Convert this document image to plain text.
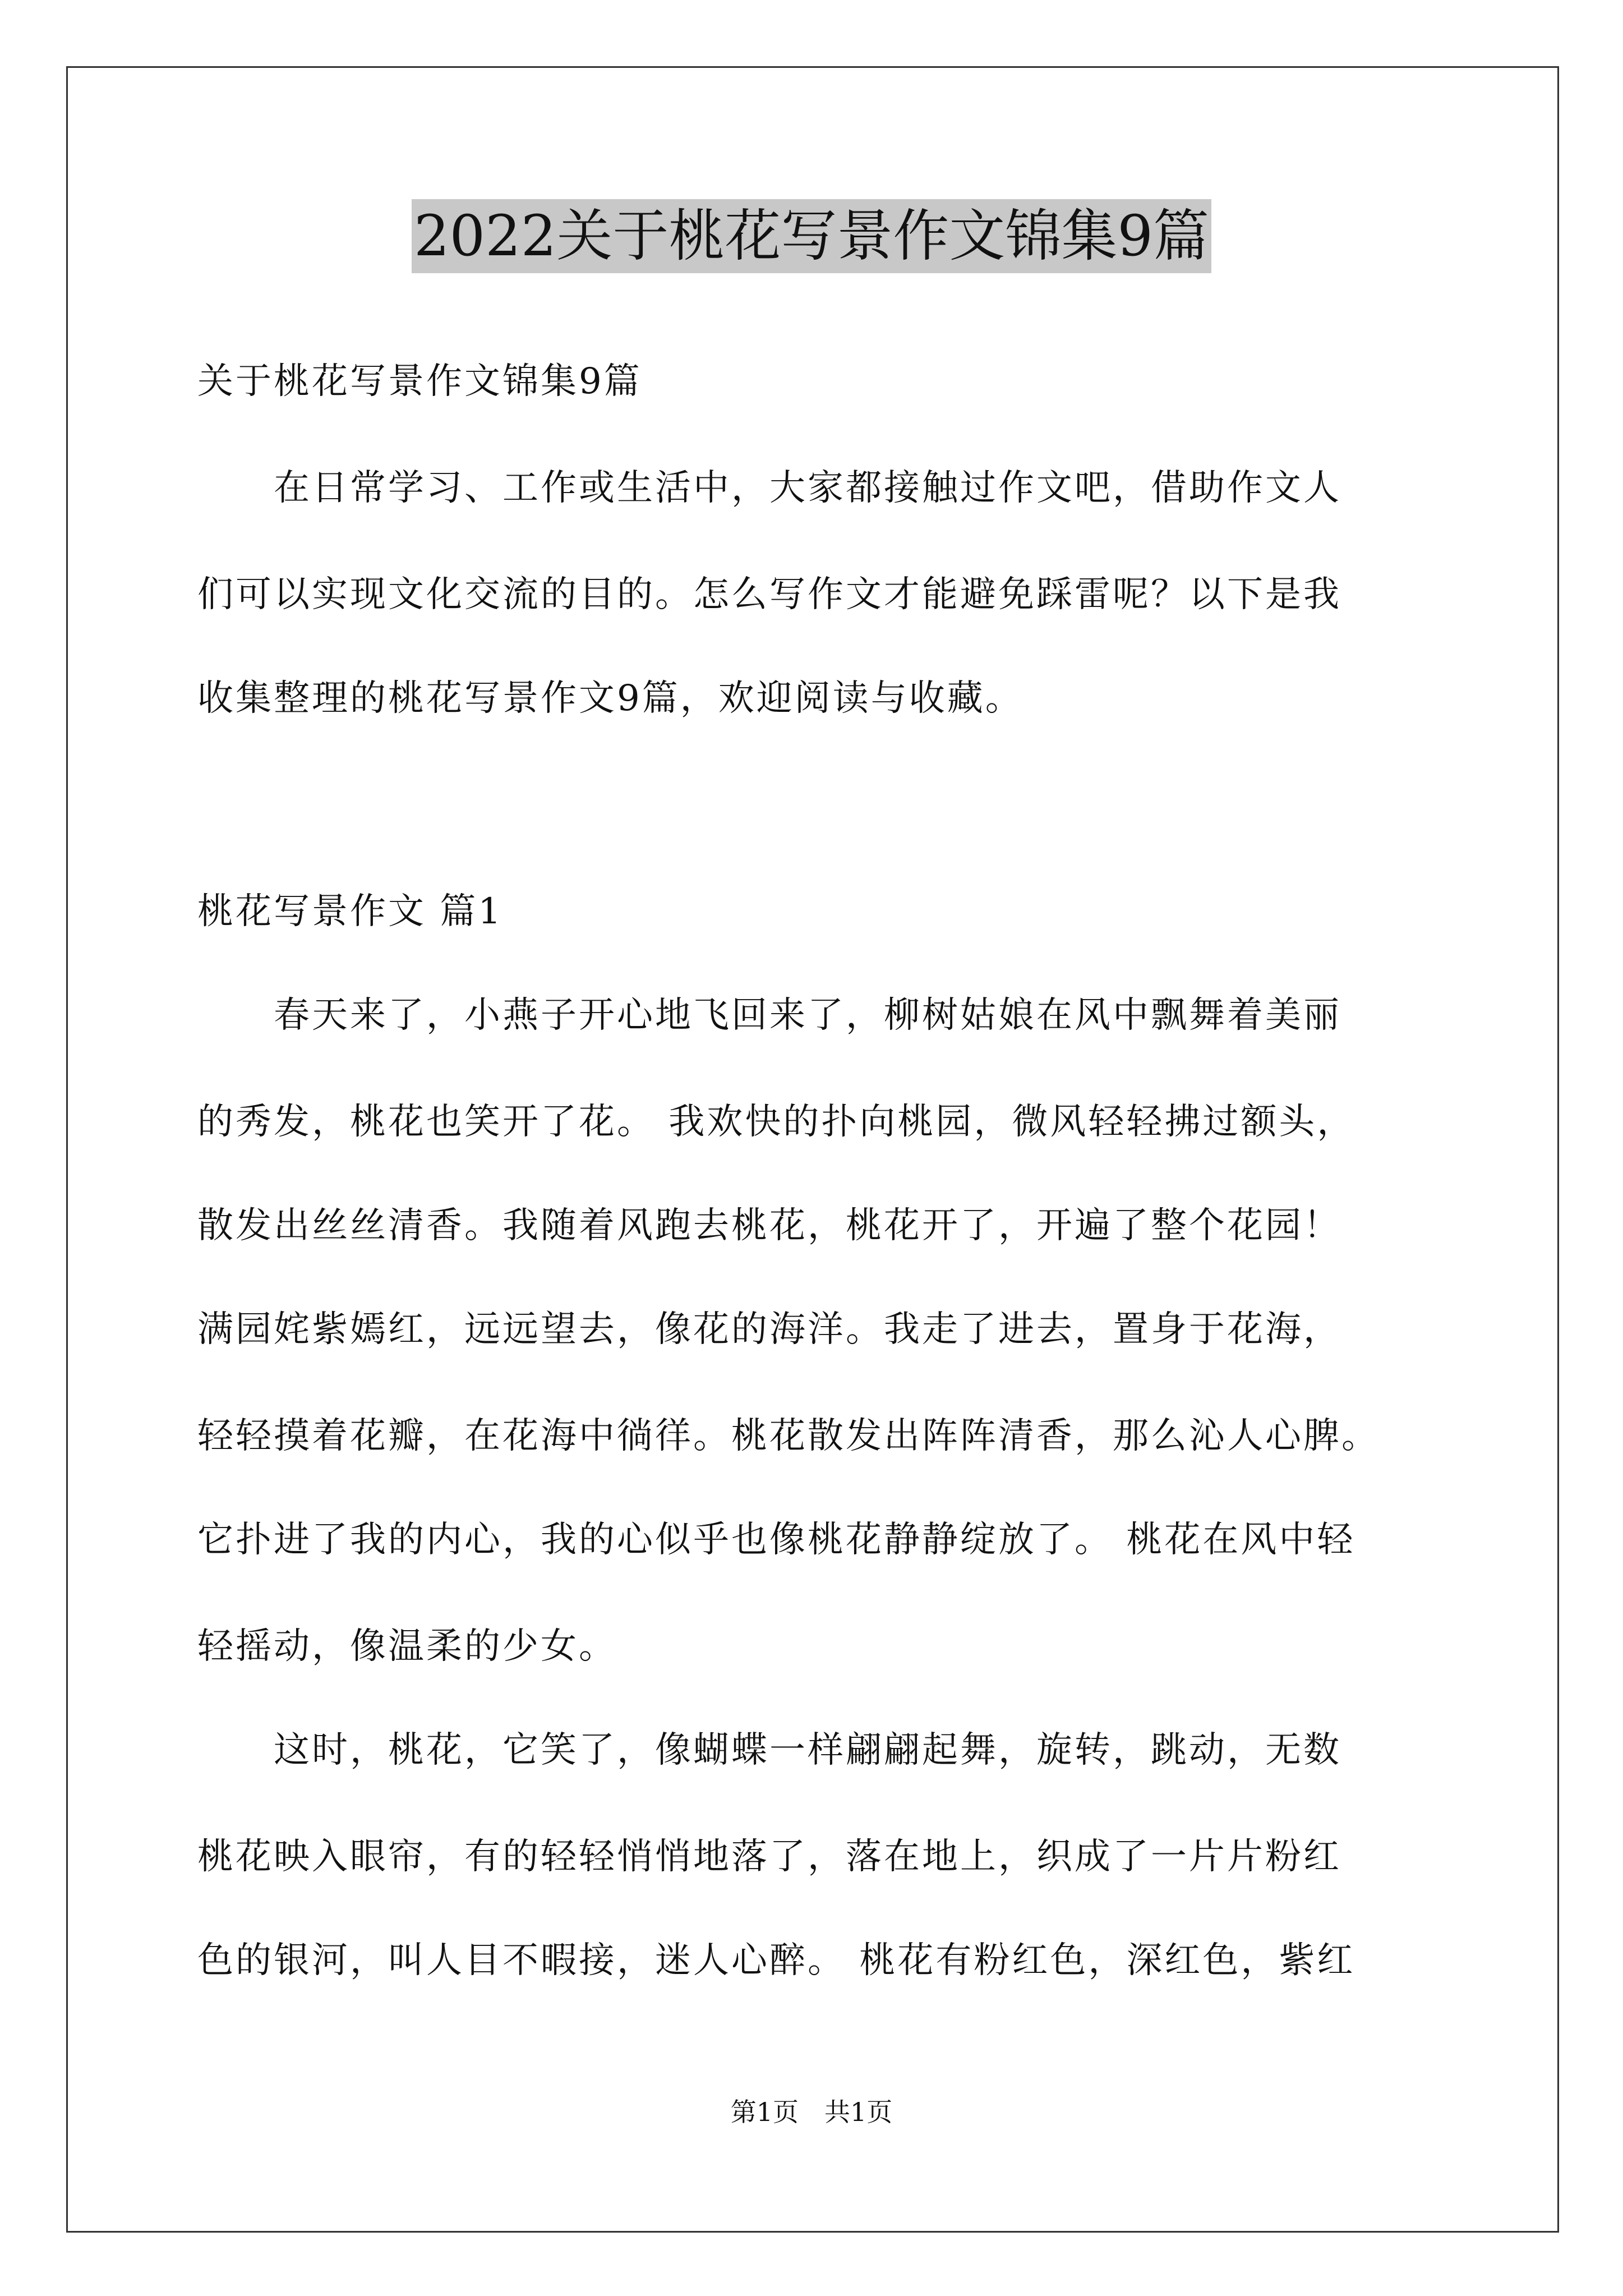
2022关于桃花写景作文锦集9篇
关于桃花写景作文锦集9篇
　　在日常学习、工作或生活中，大家都接触过作文吧，借助作文人
们可以实现文化交流的目的。怎么写作文才能避免踩雷呢？以下是我
收集整理的桃花写景作文9篇，欢迎阅读与收藏。
桃花写景作文 篇1
　　春天来了，小燕子开心地飞回来了，柳树姑娘在风中飘舞着美丽
的秀发，桃花也笑开了花。 我欢快的扑向桃园，微风轻轻拂过额头，
散发出丝丝清香。我随着风跑去桃花，桃花开了，开遍了整个花园！
满园姹紫嫣红，远远望去，像花的海洋。我走了进去，置身于花海，
轻轻摸着花瓣，在花海中徜徉。桃花散发出阵阵清香，那么沁人心脾。
它扑进了我的内心，我的心似乎也像桃花静静绽放了。 桃花在风中轻
轻摇动，像温柔的少女。
　　这时，桃花，它笑了，像蝴蝶一样翩翩起舞，旋转，跳动，无数
桃花映入眼帘，有的轻轻悄悄地落了，落在地上，织成了一片片粉红
色的银河，叫人目不暇接，迷人心醉。 桃花有粉红色，深红色，紫红
第1页　共1页
